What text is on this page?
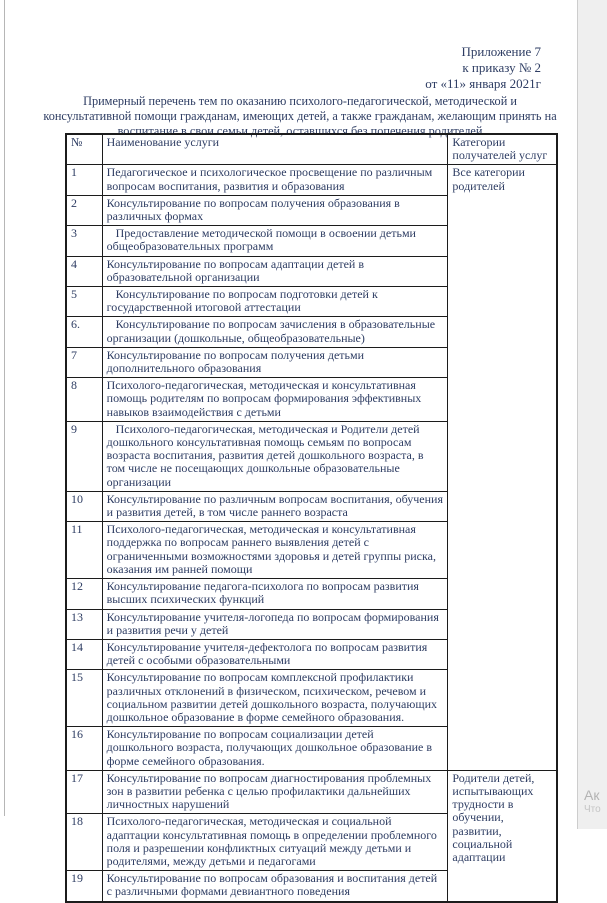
Приложение 7
к приказу № 2
от «11» января 2021г
Примерный перечень тем по оказанию психолого-педагогической, методической и
консультативной помощи гражданам, имеющих детей, а также гражданам, желающим принять на
воспитание в свои семьи детей, оставшихся без попечения родителей
№	Наименование услуги	Категории получателей услуг
1	Педагогическое и психологическое просвещение по различным вопросам воспитания, развития и образования	Все категории родителей
2	Консультирование по вопросам получения образования в различных формах	
3	Предоставление методической помощи в освоении детьми общеобразовательных программ	
4	Консультирование по вопросам адаптации детей в образовательной организации	
5	Консультирование по вопросам подготовки детей к государственной итоговой аттестации	
6.	Консультирование по вопросам зачисления в образовательные организации (дошкольные, общеобразовательные)	
7	Консультирование по вопросам получения детьми дополнительного образования	
8	Психолого-педагогическая, методическая и консультативная помощь родителям по вопросам формирования эффективных навыков взаимодействия с детьми	
9	Психолого-педагогическая, методическая и Родители детей дошкольного консультативная помощь семьям по вопросам возраста воспитания, развития детей дошкольного возраста, в том числе не посещающих дошкольные образовательные организации	
10	Консультирование по различным вопросам воспитания, обучения и развития детей, в том числе раннего возраста	
11	Психолого-педагогическая, методическая и консультативная поддержка по вопросам раннего выявления детей с ограниченными возможностями здоровья и детей группы риска, оказания им ранней помощи	
12	Консультирование педагога-психолога по вопросам развития высших психических функций	
13	Консультирование учителя-логопеда по вопросам формирования и развития речи у детей	
14	Консультирование учителя-дефектолога по вопросам развития детей с особыми образовательными	
15	Консультирование по вопросам комплексной профилактики различных отклонений в физическом, психическом, речевом и социальном развитии детей дошкольного возраста, получающих дошкольное образование в форме семейного образования.	
16	Консультирование по вопросам социализации детей дошкольного возраста, получающих дошкольное образование в форме семейного образования.	
17	Консультирование по вопросам диагностирования проблемных зон в развитии ребенка с целью профилактики дальнейших личностных нарушений	Родители детей, испытывающих трудности в обучении, развитии, социальной адаптации
18	Психолого-педагогическая, методическая и социальной адаптации консультативная помощь в определении проблемного поля и разрешении конфликтных ситуаций между детьми и родителями, между детьми и педагогами	
19	Консультирование по вопросам образования и воспитания детей с различными формами девиантного поведения	
Ак
Что
